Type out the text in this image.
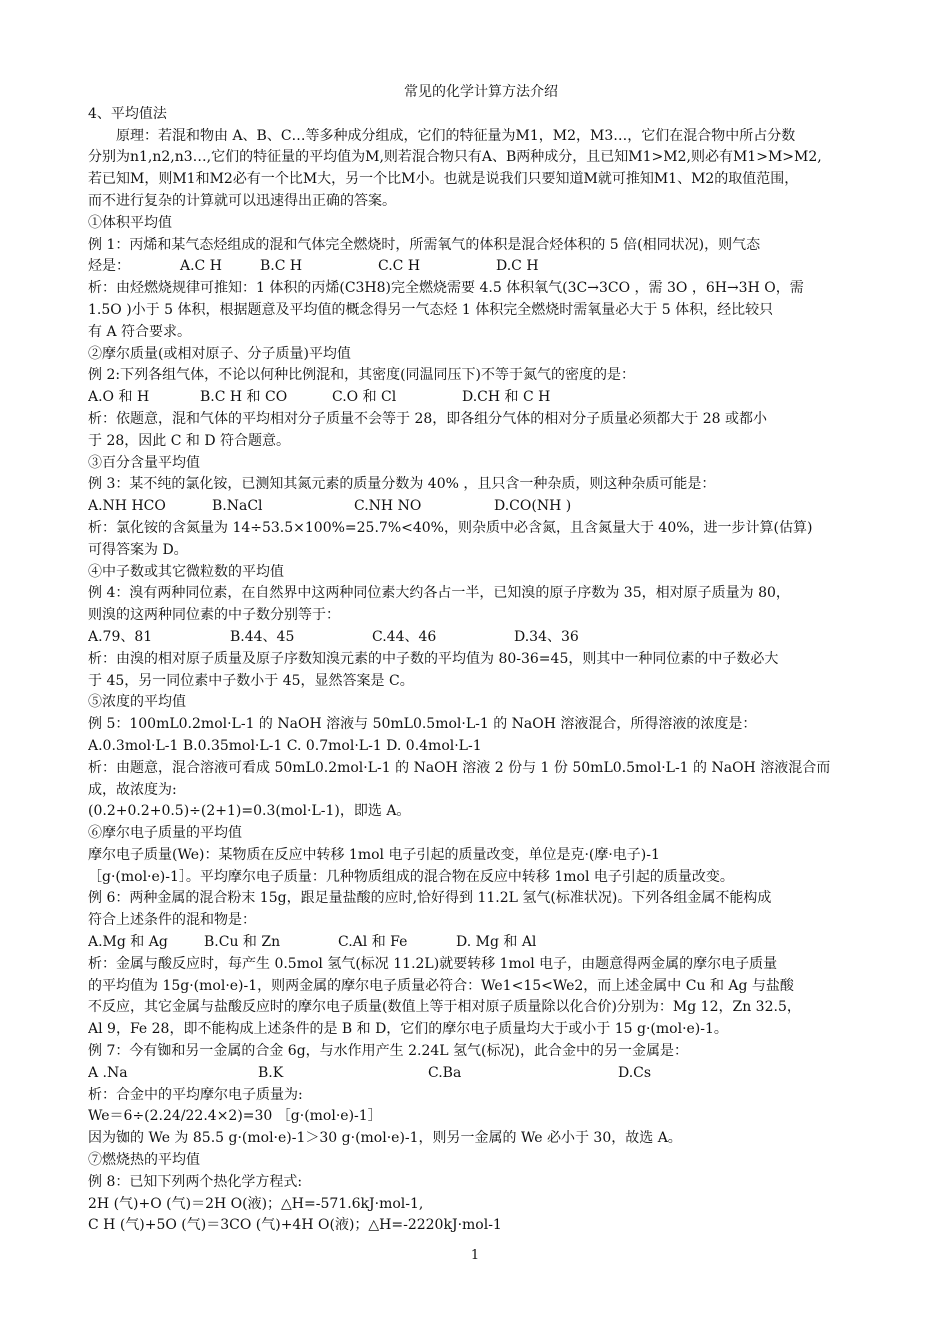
常见的化学计算方法介绍
4、平均值法
原理：若混和物由 A、B、C…等多种成分组成，它们的特征量为M1，M2，M3…，它们在混合物中所占分数
分别为n1,n2,n3…,它们的特征量的平均值为M,则若混合物只有A、B两种成分，且已知M1>M2,则必有M1>M>M2,
若已知M，则M1和M2必有一个比M大，另一个比M小。也就是说我们只要知道M就可推知M1、M2的取值范围，
而不进行复杂的计算就可以迅速得出正确的答案。
①体积平均值
例 1：丙烯和某气态烃组成的混和气体完全燃烧时，所需氧气的体积是混合烃体积的 5 倍(相同状况)，则气态
烃是：	A.C H	B.C H	C.C H	D.C H
析：由烃燃烧规律可推知：1 体积的丙烯(C3H8)完全燃烧需要 4.5 体积氧气(3C→3CO ，需 3O ，6H→3H O，需
1.5O )小于 5 体积，根据题意及平均值的概念得另一气态烃 1 体积完全燃烧时需氧量必大于 5 体积，经比较只
有 A 符合要求。
②摩尔质量(或相对原子、分子质量)平均值
例 2:下列各组气体，不论以何种比例混和，其密度(同温同压下)不等于氮气的密度的是：
A.O 和 H	B.C H 和 CO	C.O 和 Cl	D.CH 和 C H
析：依题意，混和气体的平均相对分子质量不会等于 28，即各组分气体的相对分子质量必须都大于 28 或都小
于 28，因此 C 和 D 符合题意。
③百分含量平均值
例 3：某不纯的氯化铵，已测知其氮元素的质量分数为 40% ，且只含一种杂质，则这种杂质可能是：
A.NH HCO	B.NaCl	C.NH NO	D.CO(NH )
析：氯化铵的含氮量为 14÷53.5×100%=25.7%<40%，则杂质中必含氮，且含氮量大于 40%，进一步计算(估算)
可得答案为 D。
④中子数或其它微粒数的平均值
例 4：溴有两种同位素，在自然界中这两种同位素大约各占一半，已知溴的原子序数为 35，相对原子质量为 80，
则溴的这两种同位素的中子数分别等于：
A.79、81	B.44、45	C.44、46	D.34、36
析：由溴的相对原子质量及原子序数知溴元素的中子数的平均值为 80-36=45，则其中一种同位素的中子数必大
于 45，另一同位素中子数小于 45，显然答案是 C。
⑤浓度的平均值
例 5：100mL0.2mol·L-1 的 NaOH 溶液与 50mL0.5mol·L-1 的 NaOH 溶液混合，所得溶液的浓度是：
A.0.3mol·L-1 B.0.35mol·L-1 C. 0.7mol·L-1 D. 0.4mol·L-1
析：由题意，混合溶液可看成 50mL0.2mol·L-1 的 NaOH 溶液 2 份与 1 份 50mL0.5mol·L-1 的 NaOH 溶液混合而
成，故浓度为:
(0.2+0.2+0.5)÷(2+1)=0.3(mol·L-1)，即选 A。
⑥摩尔电子质量的平均值
摩尔电子质量(We)：某物质在反应中转移 1mol 电子引起的质量改变，单位是克·(摩·电子)-1
［g·(mol·e)-1］。平均摩尔电子质量：几种物质组成的混合物在反应中转移 1mol 电子引起的质量改变。
例 6：两种金属的混合粉末 15g，跟足量盐酸的应时,恰好得到 11.2L 氢气(标准状况)。下列各组金属不能构成
符合上述条件的混和物是：
A.Mg 和 Ag	B.Cu 和 Zn	C.Al 和 Fe	D. Mg 和 Al
析：金属与酸反应时，每产生 0.5mol 氢气(标况 11.2L)就要转移 1mol 电子，由题意得两金属的摩尔电子质量
的平均值为 15g·(mol·e)-1，则两金属的摩尔电子质量必符合：We1<15<We2，而上述金属中 Cu 和 Ag 与盐酸
不反应，其它金属与盐酸反应时的摩尔电子质量(数值上等于相对原子质量除以化合价)分别为：Mg 12，Zn 32.5，
Al 9，Fe 28，即不能构成上述条件的是 B 和 D，它们的摩尔电子质量均大于或小于 15 g·(mol·e)-1。
例 7：今有铷和另一金属的合金 6g，与水作用产生 2.24L 氢气(标况)，此合金中的另一金属是：
A .Na	B.K	C.Ba	D.Cs
析：合金中的平均摩尔电子质量为:
We＝6÷(2.24/22.4×2)=30 ［g·(mol·e)-1］
因为铷的 We 为 85.5 g·(mol·e)-1＞30 g·(mol·e)-1，则另一金属的 We 必小于 30，故选 A。
⑦燃烧热的平均值
例 8：已知下列两个热化学方程式:
2H (气)+O (气)＝2H O(液)；△H=-571.6kJ·mol-1,
C H (气)+5O (气)＝3CO (气)+4H O(液)；△H=-2220kJ·mol-1
1
